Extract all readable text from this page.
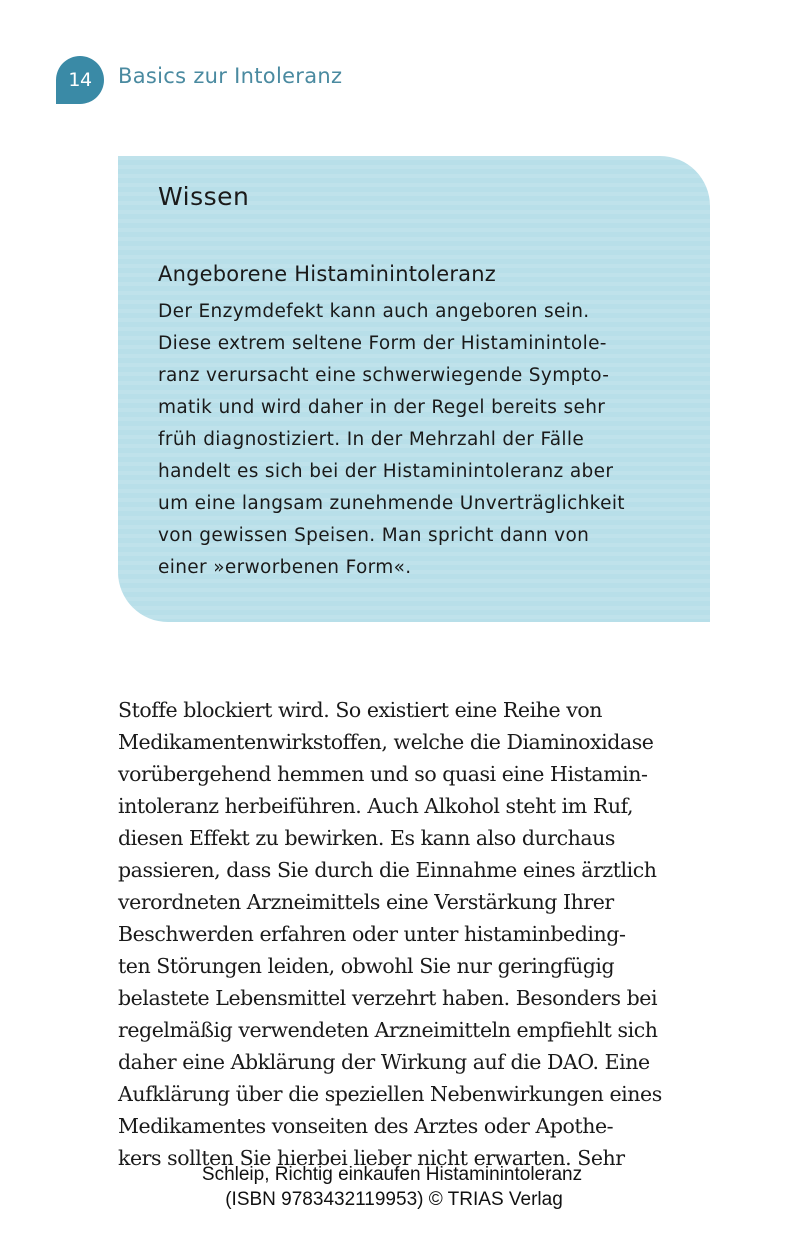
14	Basics zur Intoleranz
Wissen
Angeborene Histaminintoleranz
Der Enzymdefekt kann auch angeboren sein.
Diese extrem seltene Form der Histaminintole-
ranz verursacht eine schwerwiegende Sympto-
matik und wird daher in der Regel bereits sehr
früh diagnostiziert. In der Mehrzahl der Fälle
handelt es sich bei der Histaminintoleranz aber
um eine langsam zunehmende Unverträglichkeit
von gewissen Speisen. Man spricht dann von
einer »erworbenen Form«.
Stoffe blockiert wird. So existiert eine Reihe von
Medikamentenwirkstoffen, welche die Diaminoxidase
vorübergehend hemmen und so quasi eine Histamin-
intoleranz herbeiführen. Auch Alkohol steht im Ruf,
diesen Effekt zu bewirken. Es kann also durchaus
passieren, dass Sie durch die Einnahme eines ärztlich
verordneten Arzneimittels eine Verstärkung Ihrer
Beschwerden erfahren oder unter histaminbeding-
ten Störungen leiden, obwohl Sie nur geringfügig
belastete Lebensmittel verzehrt haben. Besonders bei
regelmäßig verwendeten Arzneimitteln empfiehlt sich
daher eine Abklärung der Wirkung auf die DAO. Eine
Aufklärung über die speziellen Nebenwirkungen eines
Medikamentes vonseiten des Arztes oder Apothe-
kers sollten Sie hierbei lieber nicht erwarten. Sehr
Schleip, Richtig einkaufen Histaminintoleranz
(ISBN 9783432119953) © TRIAS Verlag
